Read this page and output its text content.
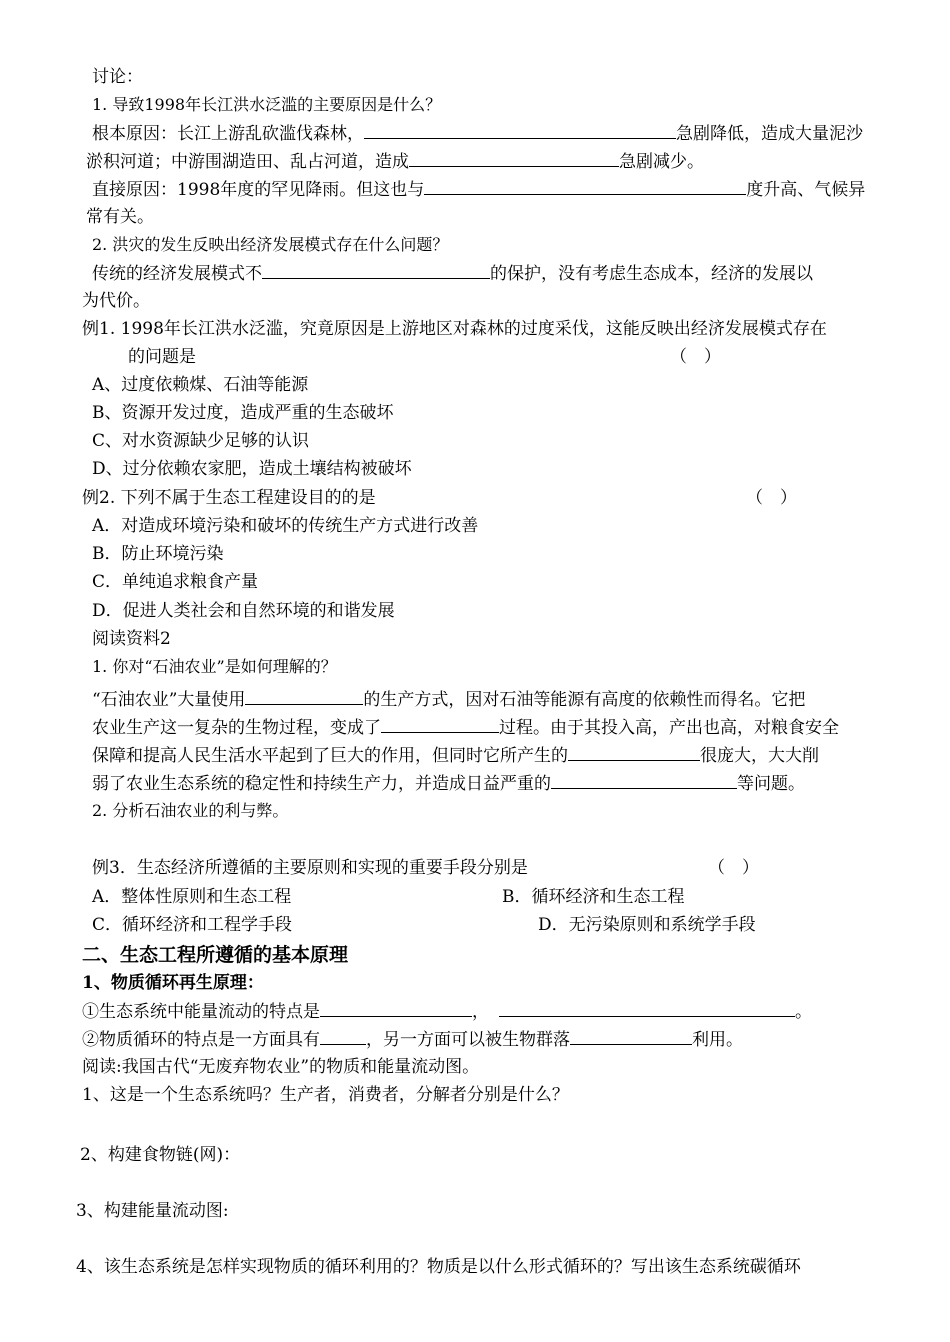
讨论：
1. 导致1998年长江洪水泛滥的主要原因是什么？
根本原因：长江上游乱砍滥伐森林，	急剧降低，造成大量泥沙
淤积河道；中游围湖造田、乱占河道，造成	急剧减少。
直接原因：1998年度的罕见降雨。但这也与	度升高、气候异
常有关。
2. 洪灾的发生反映出经济发展模式存在什么问题？
传统的经济发展模式不	的保护，没有考虑生态成本，经济的发展以
为代价。
例1. 1998年长江洪水泛滥，究竟原因是上游地区对森林的过度采伐，这能反映出经济发展模式存在
的问题是	（　）
A、过度依赖煤、石油等能源
B、资源开发过度，造成严重的生态破坏
C、对水资源缺少足够的认识
D、过分依赖农家肥，造成土壤结构被破坏
例2. 下列不属于生态工程建设目的的是	（　）
A．对造成环境污染和破坏的传统生产方式进行改善
B．防止环境污染
C．单纯追求粮食产量
D．促进人类社会和自然环境的和谐发展
阅读资料2
1. 你对“石油农业”是如何理解的？
“石油农业”大量使用	的生产方式，因对石油等能源有高度的依赖性而得名。它把
农业生产这一复杂的生物过程，变成了	过程。由于其投入高，产出也高，对粮食安全
保障和提高人民生活水平起到了巨大的作用，但同时它所产生的	很庞大，大大削
弱了农业生态系统的稳定性和持续生产力，并造成日益严重的	等问题。
2. 分析石油农业的利与弊。
例3．生态经济所遵循的主要原则和实现的重要手段分别是	（　）
A．整体性原则和生态工程	B．循环经济和生态工程
C．循环经济和工程学手段	D．无污染原则和系统学手段
二、生态工程所遵循的基本原理
1、物质循环再生原理：
①生态系统中能量流动的特点是	，	。
②物质循环的特点是一方面具有	，另一方面可以被生物群落	利用。
阅读:我国古代“无废弃物农业”的物质和能量流动图。
1、这是一个生态系统吗？生产者，消费者，分解者分别是什么？
2、构建食物链(网)：
3、构建能量流动图:
4、该生态系统是怎样实现物质的循环利用的？物质是以什么形式循环的？写出该生态系统碳循环
